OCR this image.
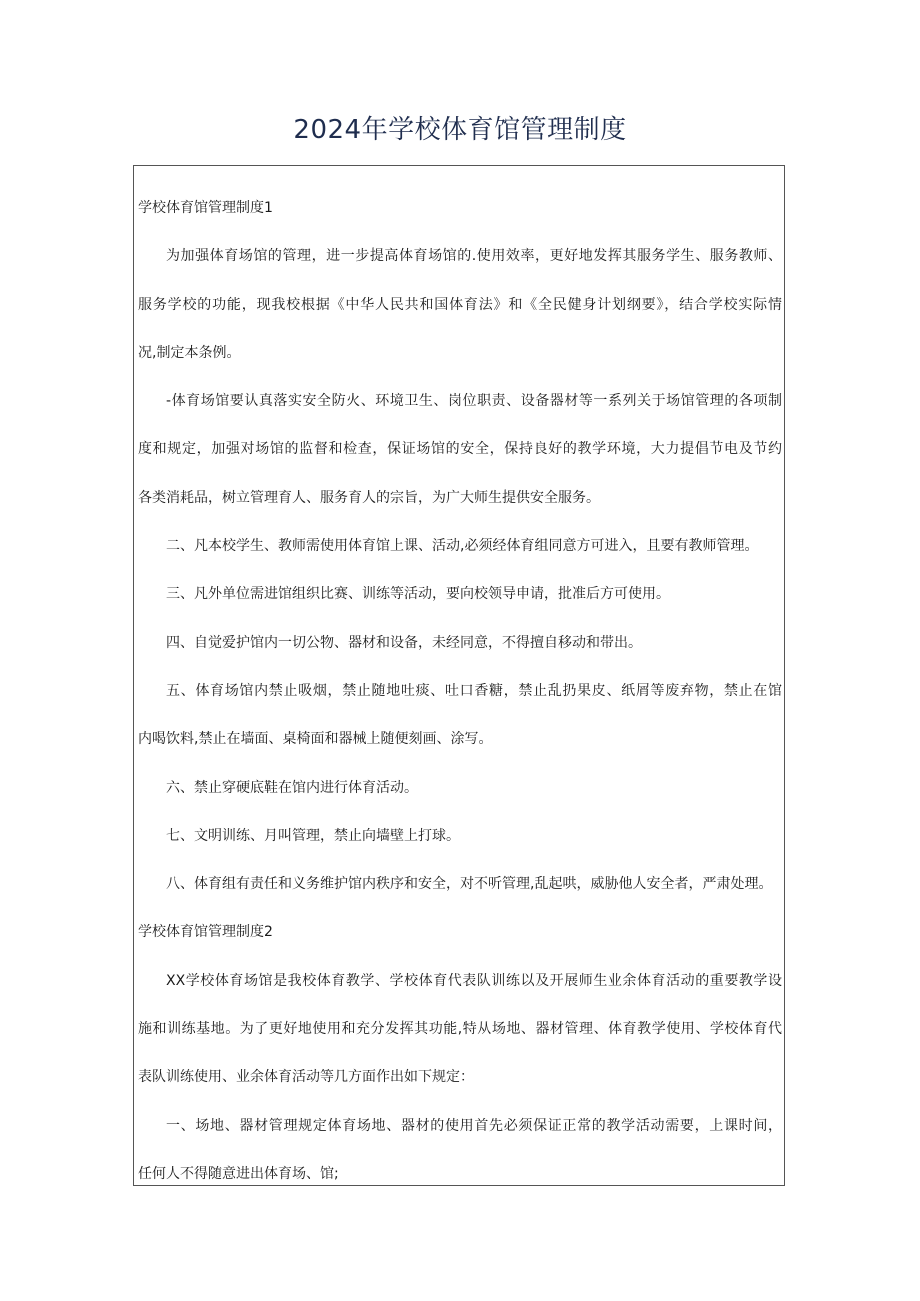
2024年学校体育馆管理制度
学校体育馆管理制度1
为加强体育场馆的管理，进一步提高体育场馆的.使用效率，更好地发挥其服务学生、服务教师、
服务学校的功能，现我校根据《中华人民共和国体育法》和《全民健身计划纲要》，结合学校实际情
况,制定本条例。
-体育场馆要认真落实安全防火、环境卫生、岗位职责、设备器材等一系列关于场馆管理的各项制
度和规定，加强对场馆的监督和检查，保证场馆的安全，保持良好的教学环境，大力提倡节电及节约
各类消耗品，树立管理育人、服务育人的宗旨，为广大师生提供安全服务。
二、凡本校学生、教师需使用体育馆上课、活动,必须经体育组同意方可进入，且要有教师管理。
三、凡外单位需进馆组织比赛、训练等活动，要向校领导申请，批准后方可使用。
四、自觉爱护馆内一切公物、器材和设备，未经同意，不得擅自移动和带出。
五、体育场馆内禁止吸烟，禁止随地吐痰、吐口香糖，禁止乱扔果皮、纸屑等废弃物，禁止在馆
内喝饮料,禁止在墙面、桌椅面和器械上随便刻画、涂写。
六、禁止穿硬底鞋在馆内进行体育活动。
七、文明训练、月叫管理，禁止向墙壁上打球。
八、体育组有责任和义务维护馆内秩序和安全，对不听管理,乱起哄，威胁他人安全者，严肃处理。
学校体育馆管理制度2
XX学校体育场馆是我校体育教学、学校体育代表队训练以及开展师生业余体育活动的重要教学设
施和训练基地。为了更好地使用和充分发挥其功能,特从场地、器材管理、体育教学使用、学校体育代
表队训练使用、业余体育活动等几方面作出如下规定：
一、场地、器材管理规定体育场地、器材的使用首先必须保证正常的教学活动需要，上课时间，
任何人不得随意进出体育场、馆;
